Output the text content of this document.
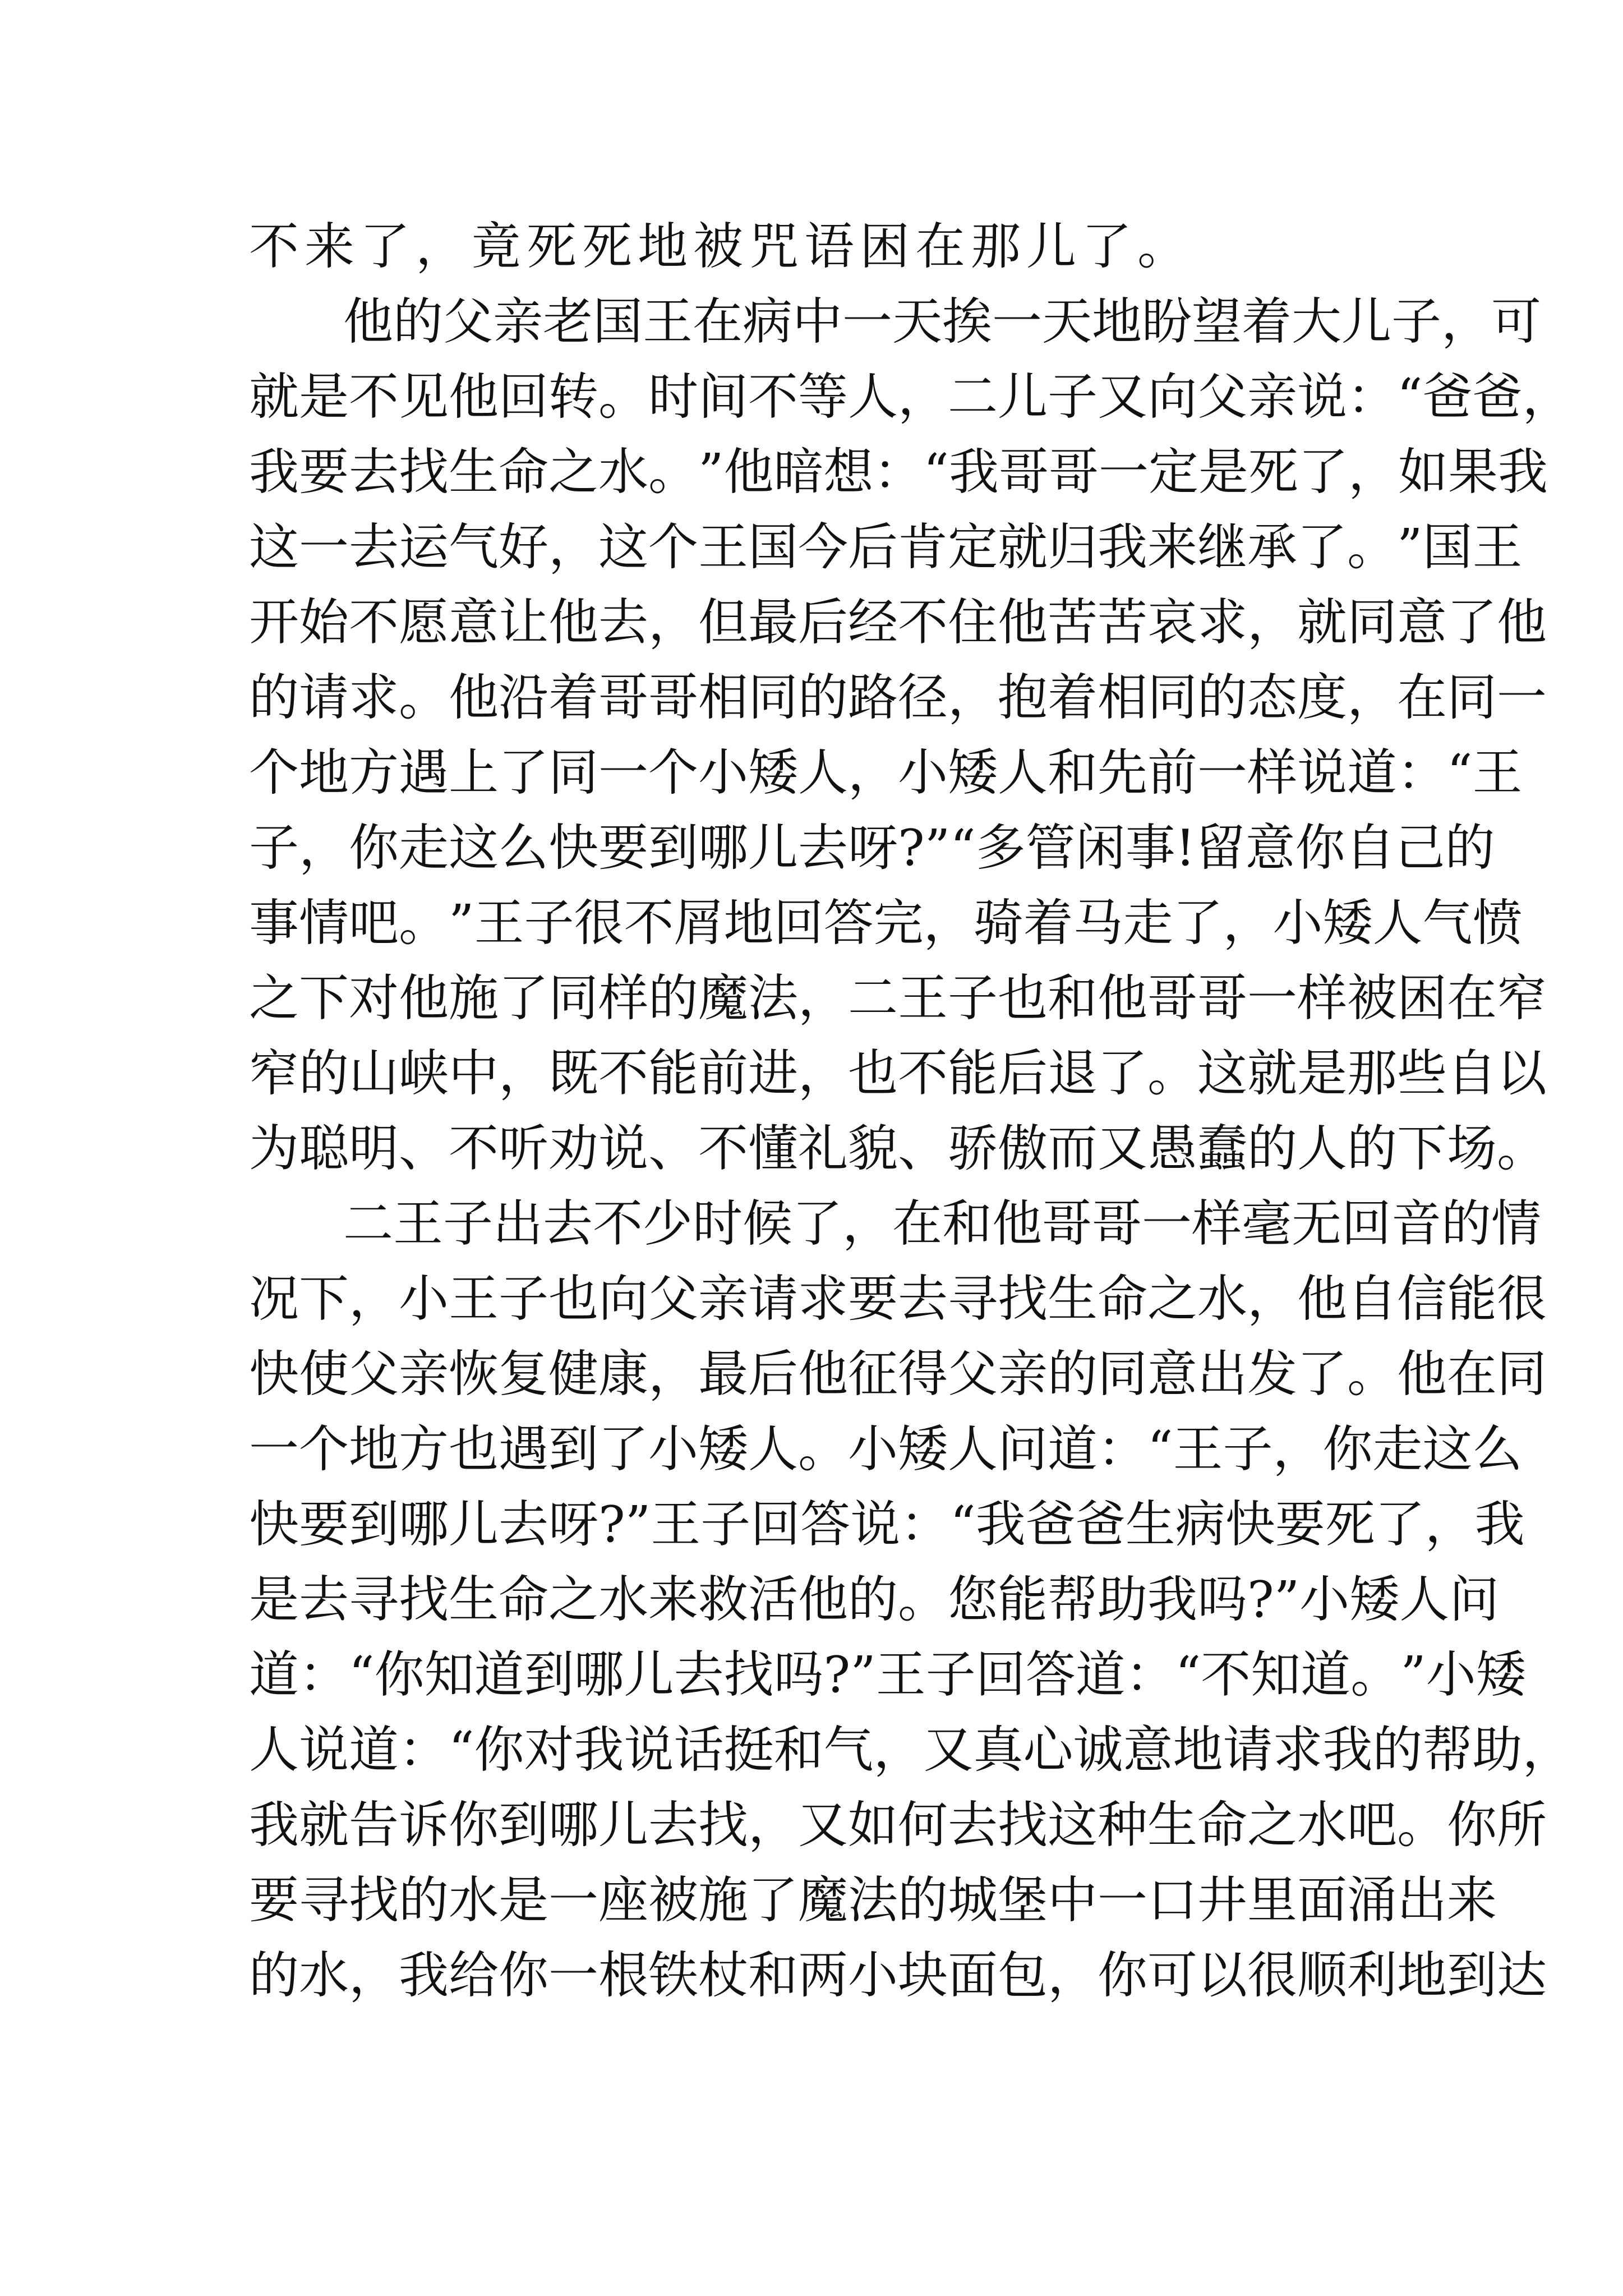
不 来 了 ， 竟 死 死 地 被 咒 语 困 在 那 儿 了 。
他 的 父 亲 老 国 王 在 病 中 一 天 挨 一 天 地 盼 望 着 大 儿 子 ， 可
就 是 不 见 他 回 转 。 时 间 不 等 人 ， 二 儿 子 又 向 父 亲 说 ： “ 爸 爸 ，
我 要 去 找 生 命 之 水 。 ” 他 暗 想 ： “ 我 哥 哥 一 定 是 死 了 ， 如 果 我
这 一 去 运 气 好 ， 这 个 王 国 今 后 肯 定 就 归 我 来 继 承 了 。 ” 国 王
开 始 不 愿 意 让 他 去 ， 但 最 后 经 不 住 他 苦 苦 哀 求 ， 就 同 意 了 他
的 请 求 。 他 沿 着 哥 哥 相 同 的 路 径 ， 抱 着 相 同 的 态 度 ， 在 同 一
个 地 方 遇 上 了 同 一 个 小 矮 人 ， 小 矮 人 和 先 前 一 样 说 道 ： “ 王
子 ， 你 走 这 么 快 要 到 哪 儿 去 呀 ? ” “ 多 管 闲 事 ! 留 意 你 自 己 的
事 情 吧 。 ” 王 子 很 不 屑 地 回 答 完 ， 骑 着 马 走 了 ， 小 矮 人 气 愤
之 下 对 他 施 了 同 样 的 魔 法 ， 二 王 子 也 和 他 哥 哥 一 样 被 困 在 窄
窄 的 山 峡 中 ， 既 不 能 前 进 ， 也 不 能 后 退 了 。 这 就 是 那 些 自 以
为 聪 明 、 不 听 劝 说 、 不 懂 礼 貌 、 骄 傲 而 又 愚 蠢 的 人 的 下 场 。
二 王 子 出 去 不 少 时 候 了 ， 在 和 他 哥 哥 一 样 毫 无 回 音 的 情
况 下 ， 小 王 子 也 向 父 亲 请 求 要 去 寻 找 生 命 之 水 ， 他 自 信 能 很
快 使 父 亲 恢 复 健 康 ， 最 后 他 征 得 父 亲 的 同 意 出 发 了 。 他 在 同
一 个 地 方 也 遇 到 了 小 矮 人 。 小 矮 人 问 道 ： “ 王 子 ， 你 走 这 么
快 要 到 哪 儿 去 呀 ? ” 王 子 回 答 说 ： “ 我 爸 爸 生 病 快 要 死 了 ， 我
是 去 寻 找 生 命 之 水 来 救 活 他 的 。 您 能 帮 助 我 吗 ? ” 小 矮 人 问
道 ： “ 你 知 道 到 哪 儿 去 找 吗 ? ” 王 子 回 答 道 ： “ 不 知 道 。 ” 小 矮
人 说 道 ： “ 你 对 我 说 话 挺 和 气 ， 又 真 心 诚 意 地 请 求 我 的 帮 助 ，
我 就 告 诉 你 到 哪 儿 去 找 ， 又 如 何 去 找 这 种 生 命 之 水 吧 。 你 所
要 寻 找 的 水 是 一 座 被 施 了 魔 法 的 城 堡 中 一 口 井 里 面 涌 出 来
的 水 ， 我 给 你 一 根 铁 杖 和 两 小 块 面 包 ， 你 可 以 很 顺 利 地 到 达
